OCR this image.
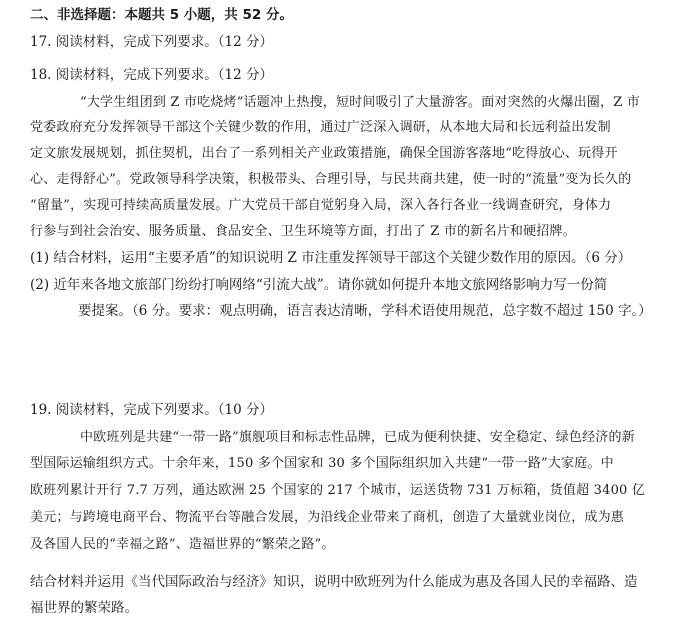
二、非选择题：本题共 5 小题，共 52 分。
17. 阅读材料，完成下列要求。（12 分）
18. 阅读材料，完成下列要求。（12 分）
“大学生组团到 Z 市吃烧烤”话题冲上热搜，短时间吸引了大量游客。面对突然的火爆出圈，Z 市
党委政府充分发挥领导干部这个关键少数的作用，通过广泛深入调研，从本地大局和长远利益出发制
定文旅发展规划，抓住契机，出台了一系列相关产业政策措施，确保全国游客落地“吃得放心、玩得开
心、走得舒心”。党政领导科学决策，积极带头、合理引导，与民共商共建，使一时的“流量”变为长久的
“留量”，实现可持续高质量发展。广大党员干部自觉躬身入局，深入各行各业一线调查研究，身体力
行参与到社会治安、服务质量、食品安全、卫生环境等方面，打出了 Z 市的新名片和硬招牌。
(1) 结合材料，运用“主要矛盾”的知识说明 Z 市注重发挥领导干部这个关键少数作用的原因。（6 分）
(2) 近年来各地文旅部门纷纷打响网络“引流大战”。请你就如何提升本地文旅网络影响力写一份简
要提案。（6 分。要求：观点明确，语言表达清晰，学科术语使用规范，总字数不超过 150 字。）
19. 阅读材料，完成下列要求。（10 分）
中欧班列是共建“一带一路”旗舰项目和标志性品牌，已成为便利快捷、安全稳定、绿色经济的新
型国际运输组织方式。十余年来，150 多个国家和 30 多个国际组织加入共建“一带一路”大家庭。中
欧班列累计开行 7.7 万列，通达欧洲 25 个国家的 217 个城市，运送货物 731 万标箱，货值超 3400 亿
美元；与跨境电商平台、物流平台等融合发展，为沿线企业带来了商机，创造了大量就业岗位，成为惠
及各国人民的“幸福之路”、造福世界的“繁荣之路”。
结合材料并运用《当代国际政治与经济》知识，说明中欧班列为什么能成为惠及各国人民的幸福路、造
福世界的繁荣路。
